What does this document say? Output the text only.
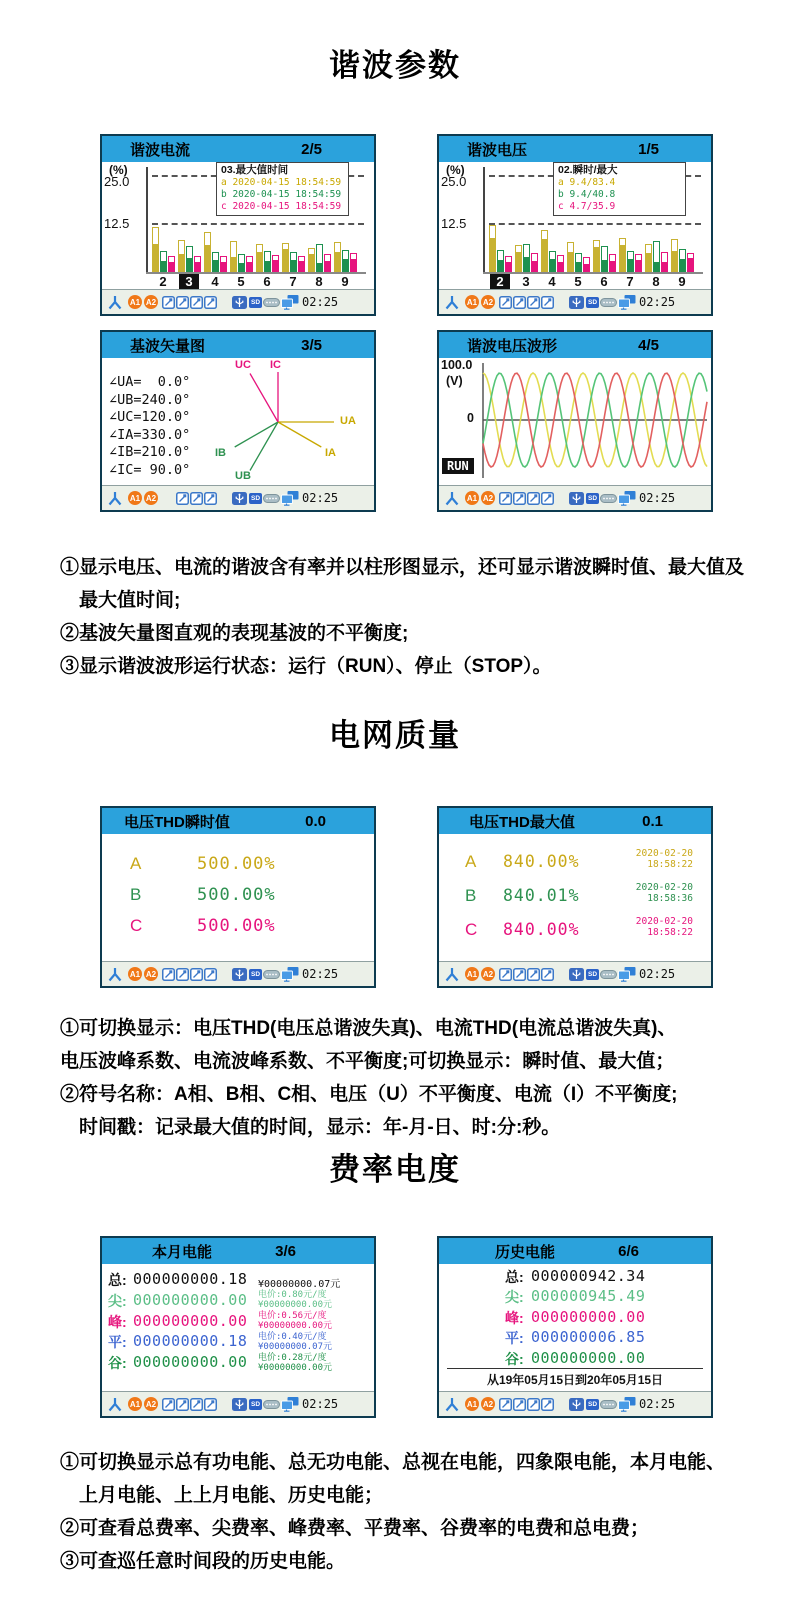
谐波参数
电网质量
费率电度
谐波电流	2/5
(%)
25.0
12.5
2	3	4	5	6	7	8	9
03.最大值时间
a 2020-04-15 18:54:59
b 2020-04-15 18:54:59
c 2020-04-15 18:54:59
A1 A2	SD	02:25
谐波电压	1/5
(%)
25.0
12.5
2	3	4	5	6	7	8	9
02.瞬时/最大
a 9.4/83.4
b 9.4/40.8
c 4.7/35.9
A1 A2	SD	02:25
基波矢量图	3/5
∠UA=  0.0°
∠UB=240.0°
∠UC=120.0°
∠IA=330.0°
∠IB=210.0°
∠IC= 90.0°
UA
UB
UC
IA
IB
IC
A1 A2	SD	02:25
谐波电压波形	4/5
100.0
(V)
0
RUN
A1 A2	SD	02:25
①显示电压、电流的谐波含有率并以柱形图显示，还可显示谐波瞬时值、最大值及
　最大值时间;
②基波矢量图直观的表现基波的不平衡度;
③显示谐波波形运行状态：运行（RUN）、停止（STOP）。
电压THD瞬时值	0.0
A	500.00%
B	500.00%
C	500.00%
A1 A2	SD	02:25
电压THD最大值	0.1
A 840.00%	2020-02-20
18:58:22
B 840.01%	2020-02-20
18:58:36
C 840.00%	2020-02-20
18:58:22
A1 A2	SD	02:25
①可切换显示：电压THD(电压总谐波失真)、电流THD(电流总谐波失真)、
电压波峰系数、电流波峰系数、不平衡度;可切换显示：瞬时值、最大值；
②符号名称：A相、B相、C相、电压（U）不平衡度、电流（I）不平衡度;
　时间戳：记录最大值的时间，显示：年-月-日、时:分:秒。
本月电能	3/6
总: 000000000.18 ¥00000000.07元
尖: 000000000.00 电价:0.80元/度
¥00000000.00元
峰: 000000000.00 电价:0.56元/度
¥00000000.00元
平: 000000000.18 电价:0.40元/度
¥00000000.07元
谷: 000000000.00 电价:0.28元/度
¥00000000.00元
A1 A2	SD	02:25
历史电能	6/6
总: 000000942.34
尖: 000000945.49
峰: 000000000.00
平: 000000006.85
谷: 000000000.00
从19年05月15日到20年05月15日
A1 A2	SD	02:25
①可切换显示总有功电能、总无功电能、总视在电能，四象限电能，本月电能、
　上月电能、上上月电能、历史电能；
②可查看总费率、尖费率、峰费率、平费率、谷费率的电费和总电费；
③可查巡任意时间段的历史电能。
